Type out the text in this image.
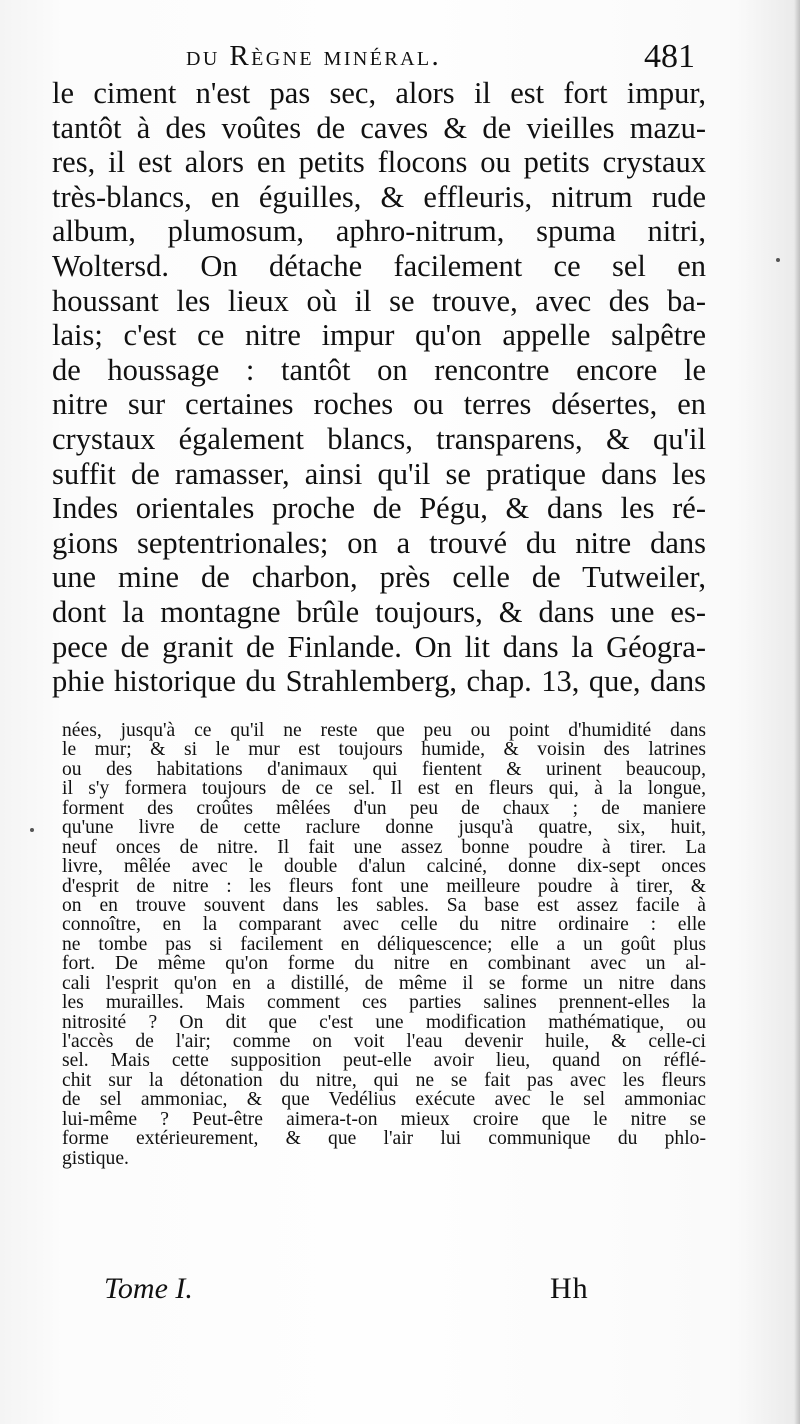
du Règne minéral.	481
le ciment n'est pas sec, alors il est fort impur,
tantôt à des voûtes de caves & de vieilles mazu-
res, il est alors en petits flocons ou petits crystaux
très-blancs, en éguilles, & effleuris, nitrum rude
album, plumosum, aphro-nitrum, spuma nitri,
Woltersd. On détache facilement ce sel en
houssant les lieux où il se trouve, avec des ba-
lais; c'est ce nitre impur qu'on appelle salpêtre
de houssage : tantôt on rencontre encore le
nitre sur certaines roches ou terres désertes, en
crystaux également blancs, transparens, & qu'il
suffit de ramasser, ainsi qu'il se pratique dans les
Indes orientales proche de Pégu, & dans les ré-
gions septentrionales; on a trouvé du nitre dans
une mine de charbon, près celle de Tutweiler,
dont la montagne brûle toujours, & dans une es-
pece de granit de Finlande. On lit dans la Géogra-
phie historique du Strahlemberg, chap. 13, que, dans
nées, jusqu'à ce qu'il ne reste que peu ou point d'humidité dans
le mur; & si le mur est toujours humide, & voisin des latrines
ou des habitations d'animaux qui fientent & urinent beaucoup,
il s'y formera toujours de ce sel. Il est en fleurs qui, à la longue,
forment des croûtes mêlées d'un peu de chaux ; de maniere
qu'une livre de cette raclure donne jusqu'à quatre, six, huit,
neuf onces de nitre. Il fait une assez bonne poudre à tirer. La
livre, mêlée avec le double d'alun calciné, donne dix-sept onces
d'esprit de nitre : les fleurs font une meilleure poudre à tirer, &
on en trouve souvent dans les sables. Sa base est assez facile à
connoître, en la comparant avec celle du nitre ordinaire : elle
ne tombe pas si facilement en déliquescence; elle a un goût plus
fort. De même qu'on forme du nitre en combinant avec un al-
cali l'esprit qu'on en a distillé, de même il se forme un nitre dans
les murailles. Mais comment ces parties salines prennent-elles la
nitrosité ? On dit que c'est une modification mathématique, ou
l'accès de l'air; comme on voit l'eau devenir huile, & celle-ci
sel. Mais cette supposition peut-elle avoir lieu, quand on réflé-
chit sur la détonation du nitre, qui ne se fait pas avec les fleurs
de sel ammoniac, & que Vedélius exécute avec le sel ammoniac
lui-même ? Peut-être aimera-t-on mieux croire que le nitre se
forme extérieurement, & que l'air lui communique du phlo-
gistique.
Tome I.	Hh
